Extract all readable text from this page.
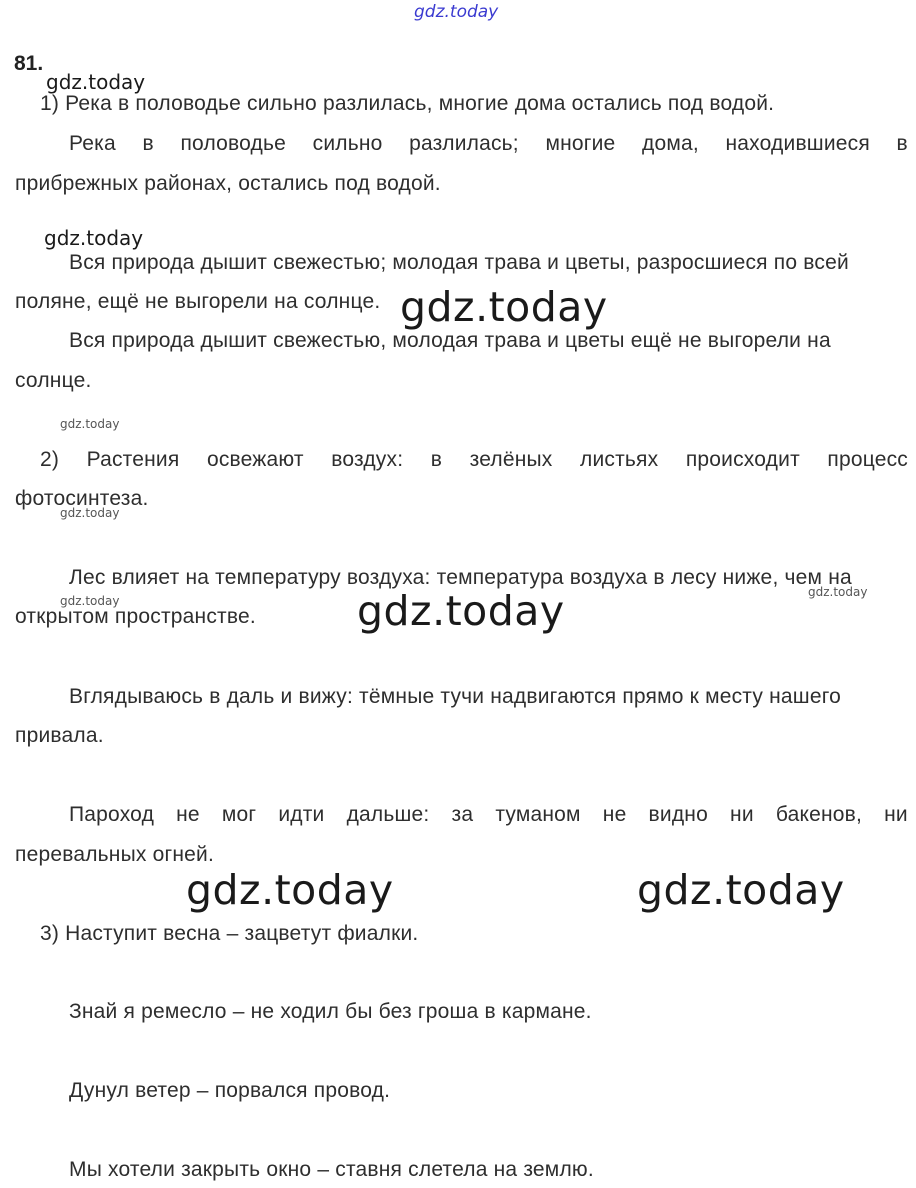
gdz.today
gdz.today
gdz.today
gdz.today
gdz.today
gdz.today
gdz.today
gdz.today
gdz.today
gdz.today	gdz.today
81.
1) Река в половодье сильно разлилась, многие дома остались под водой.
Река в половодье сильно разлилась; многие дома, находившиеся в
прибрежных районах, остались под водой.
Вся природа дышит свежестью; молодая трава и цветы, разросшиеся по всей
поляне, ещё не выгорели на солнце.
Вся природа дышит свежестью, молодая трава и цветы ещё не выгорели на
солнце.
2) Растения освежают воздух: в зелёных листьях происходит процесс
фотосинтеза.
Лес влияет на температуру воздуха: температура воздуха в лесу ниже, чем на
открытом пространстве.
Вглядываюсь в даль и вижу: тёмные тучи надвигаются прямо к месту нашего
привала.
Пароход не мог идти дальше: за туманом не видно ни бакенов, ни
перевальных огней.
3) Наступит весна – зацветут фиалки.
Знай я ремесло – не ходил бы без гроша в кармане.
Дунул ветер – порвался провод.
Мы хотели закрыть окно – ставня слетела на землю.
